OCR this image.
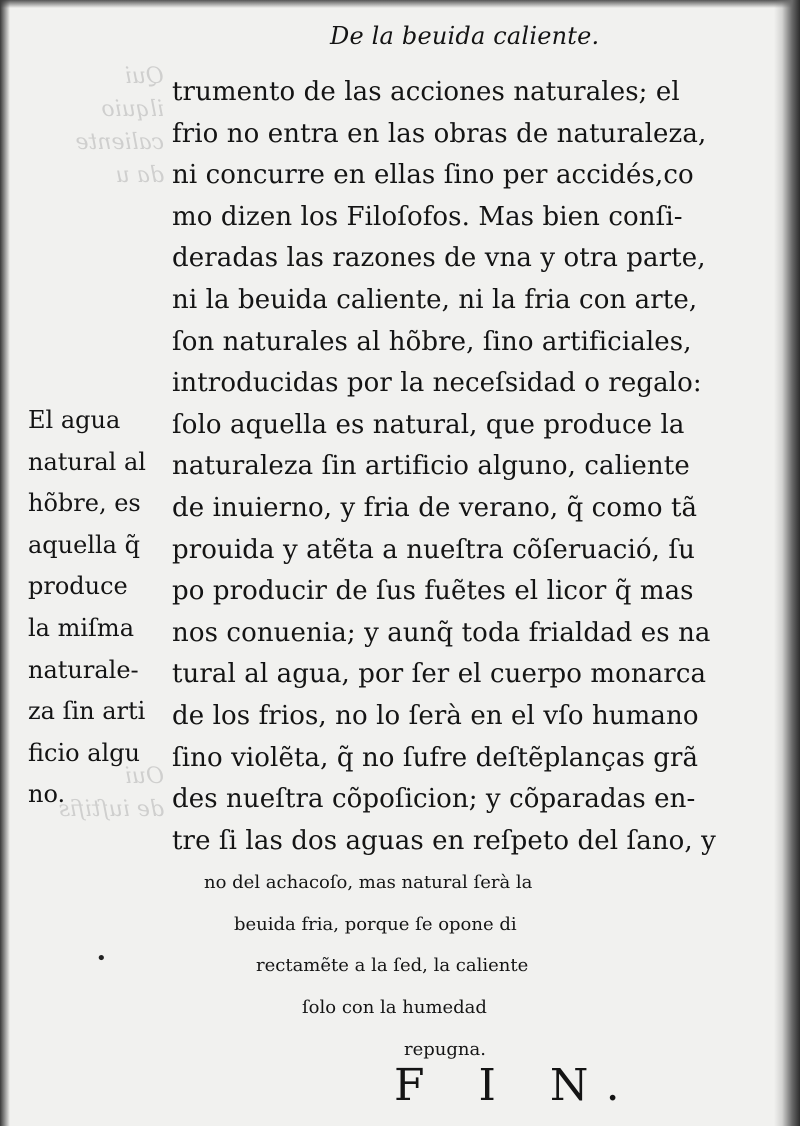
Qui
ilquio
caliente
da u

Oui
de iuſtifis

De la beuida caliente.
trumento de las acciones naturales; el
frio no entra en las obras de naturaleza,
ni concurre en ellas ſino per accidés,co
mo dizen los Filoſofos. Mas bien conſi-
deradas las razones de vna y otra parte,
ni la beuida caliente, ni la fria con arte,
ſon naturales al hõbre, ſino artificiales,
introducidas por la neceſsidad o regalo:
ſolo aquella es natural, que produce la
naturaleza ſin artificio alguno, caliente
de inuierno, y fria de verano, q̃ como tã
prouida y atẽta a nueſtra cõſeruació, ſu
po producir de ſus fuẽtes el licor q̃ mas
nos conuenia; y aunq̃ toda frialdad es na
tural al agua, por ſer el cuerpo monarca
de los frios, no lo ſerà en el vſo humano
ſino violẽta, q̃ no ſufre deſtẽplanças grã
des nueſtra cõpoſicion; y cõparadas en-
tre ſi las dos aguas en reſpeto del ſano, y
no del achacoſo, mas natural ſerà la
beuida fria, porque ſe opone di
rectamẽte a la ſed, la caliente
ſolo con la humedad
repugna.
El agua
natural al
hõbre, es
aquella q̃
produce
la miſma
naturale-
za ſin arti
ficio algu
no.
•
F I N.
